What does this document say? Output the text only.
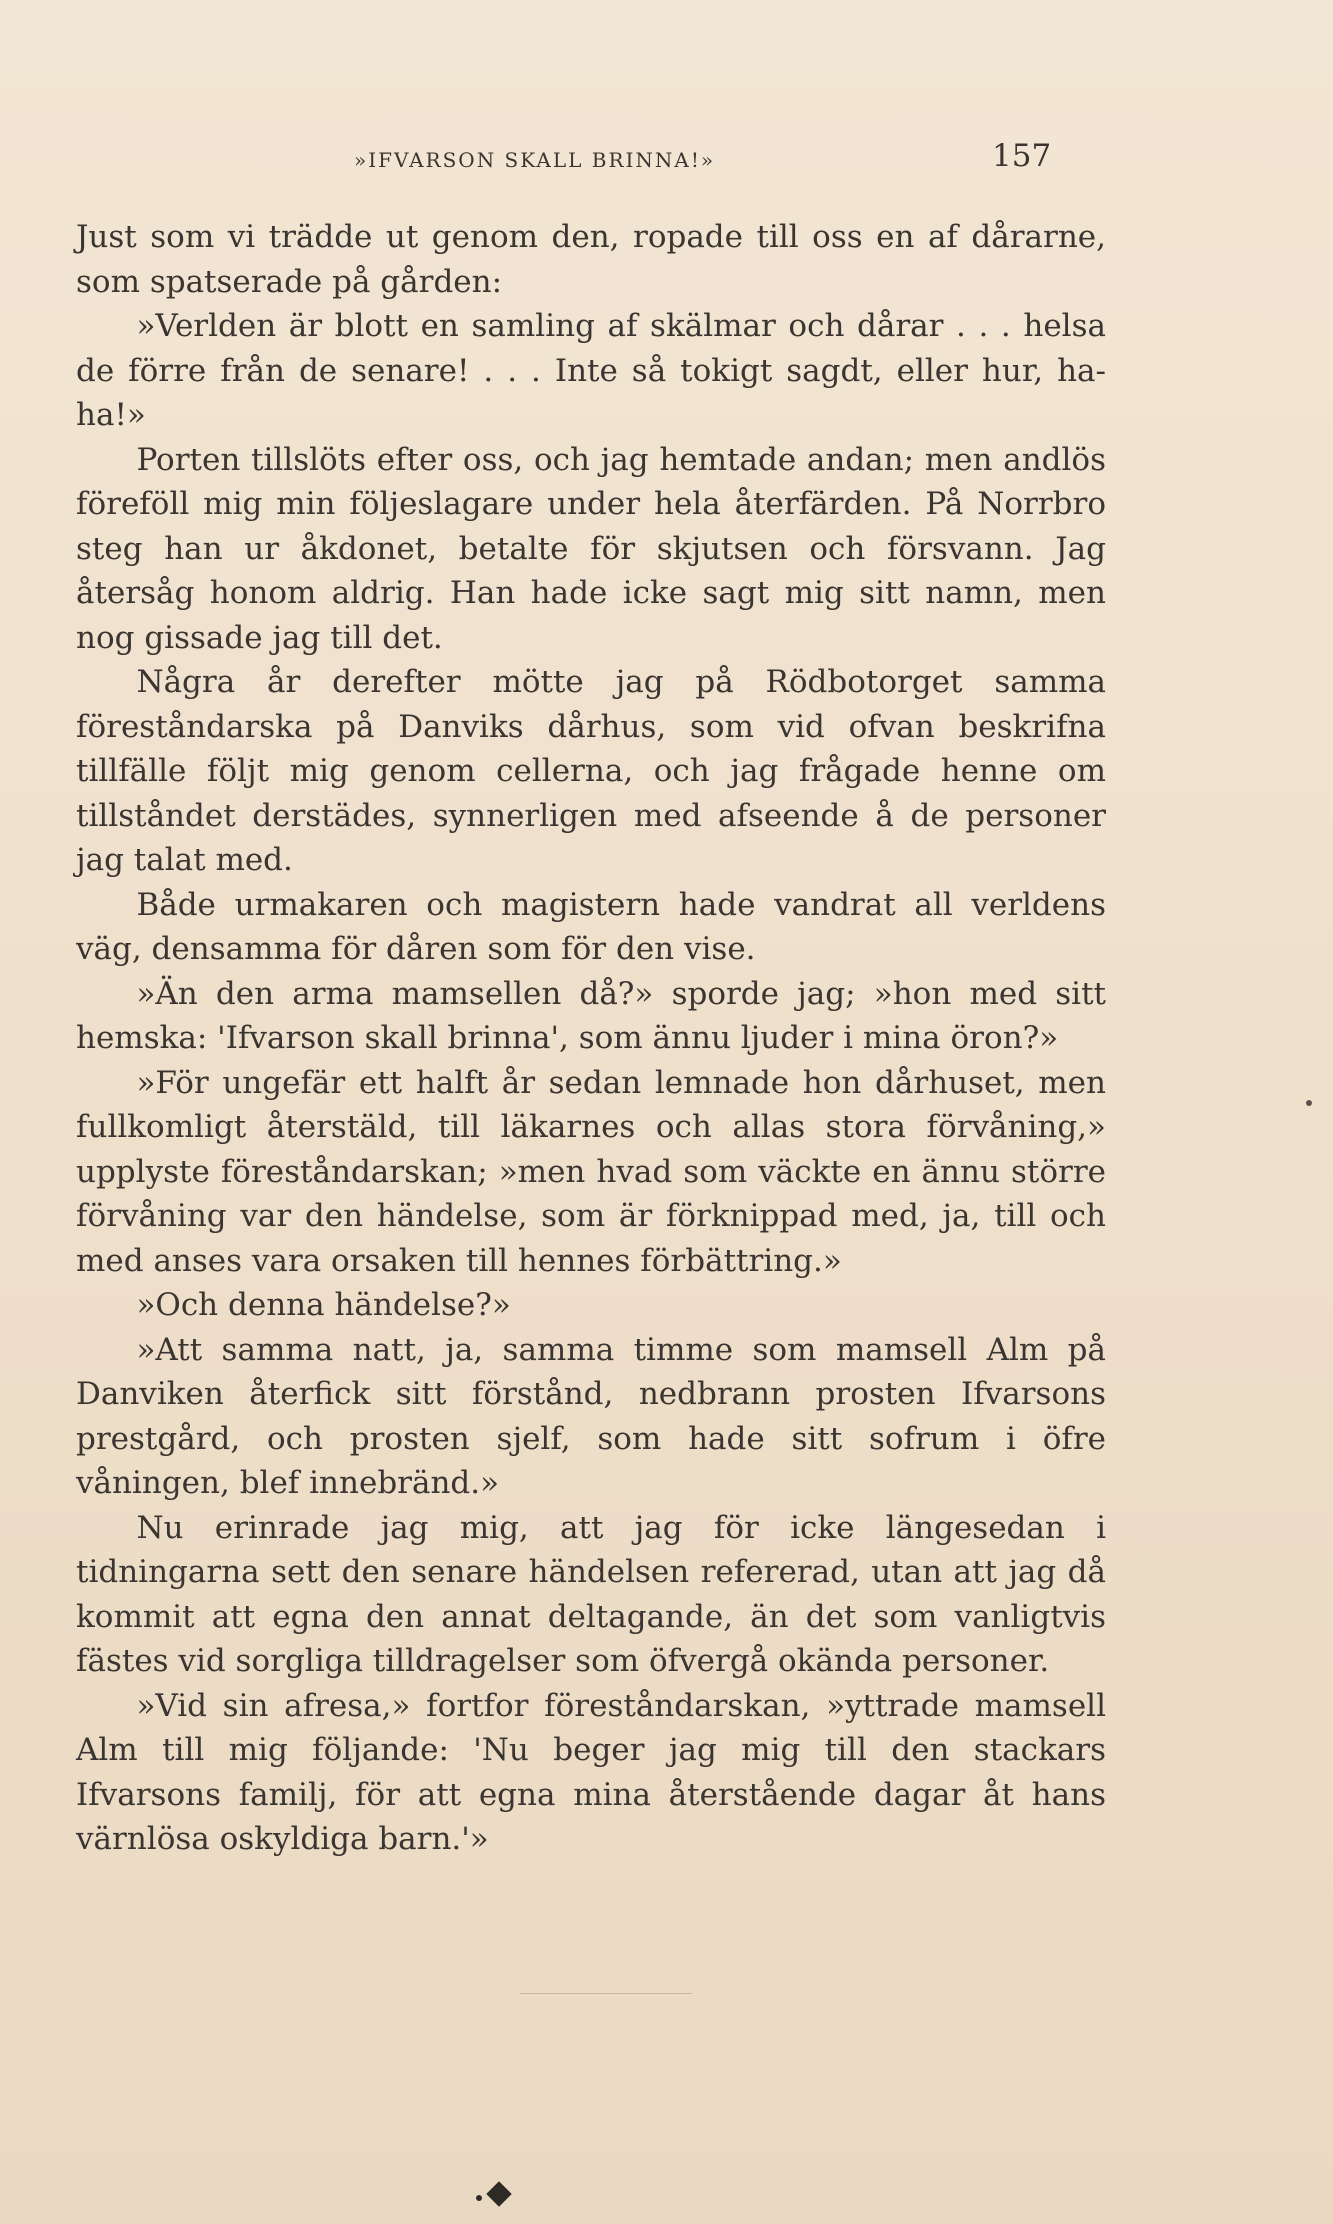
»IFVARSON SKALL BRINNA!»	157

Just som vi trädde ut genom den, ropade till oss en af dårarne, som spatserade på gården:

»Verlden är blott en samling af skälmar och dårar . . . helsa de förre från de senare! . . . Inte så tokigt sagdt, eller hur, ha-ha!»

Porten tillslöts efter oss, och jag hemtade andan; men andlös föreföll mig min följeslagare under hela återfärden. På Norrbro steg han ur åkdonet, betalte för skjutsen och försvann. Jag återsåg honom aldrig. Han hade icke sagt mig sitt namn, men nog gissade jag till det.

Några år derefter mötte jag på Rödbotorget samma föreståndarska på Danviks dårhus, som vid ofvan beskrifna tillfälle följt mig genom cellerna, och jag frågade henne om tillståndet derstädes, synnerligen med afseende å de personer jag talat med.

Både urmakaren och magistern hade vandrat all verldens väg, densamma för dåren som för den vise.

»Än den arma mamsellen då?» sporde jag; »hon med sitt hemska: 'Ifvarson skall brinna', som ännu ljuder i mina öron?»

»För ungefär ett halft år sedan lemnade hon dårhuset, men fullkomligt återstäld, till läkarnes och allas stora förvåning,» upplyste föreståndarskan; »men hvad som väckte en ännu större förvåning var den händelse, som är förknippad med, ja, till och med anses vara orsaken till hennes förbättring.»

»Och denna händelse?»

»Att samma natt, ja, samma timme som mamsell Alm på Danviken återfick sitt förstånd, nedbrann prosten Ifvarsons prestgård, och prosten sjelf, som hade sitt sofrum i öfre våningen, blef innebränd.»

Nu erinrade jag mig, att jag för icke längesedan i tidningarna sett den senare händelsen refererad, utan att jag då kommit att egna den annat deltagande, än det som vanligtvis fästes vid sorgliga tilldragelser som öfvergå okända personer.

»Vid sin afresa,» fortfor föreståndarskan, »yttrade mamsell Alm till mig följande: 'Nu beger jag mig till den stackars Ifvarsons familj, för att egna mina återstående dagar åt hans värnlösa oskyldiga barn.'»
